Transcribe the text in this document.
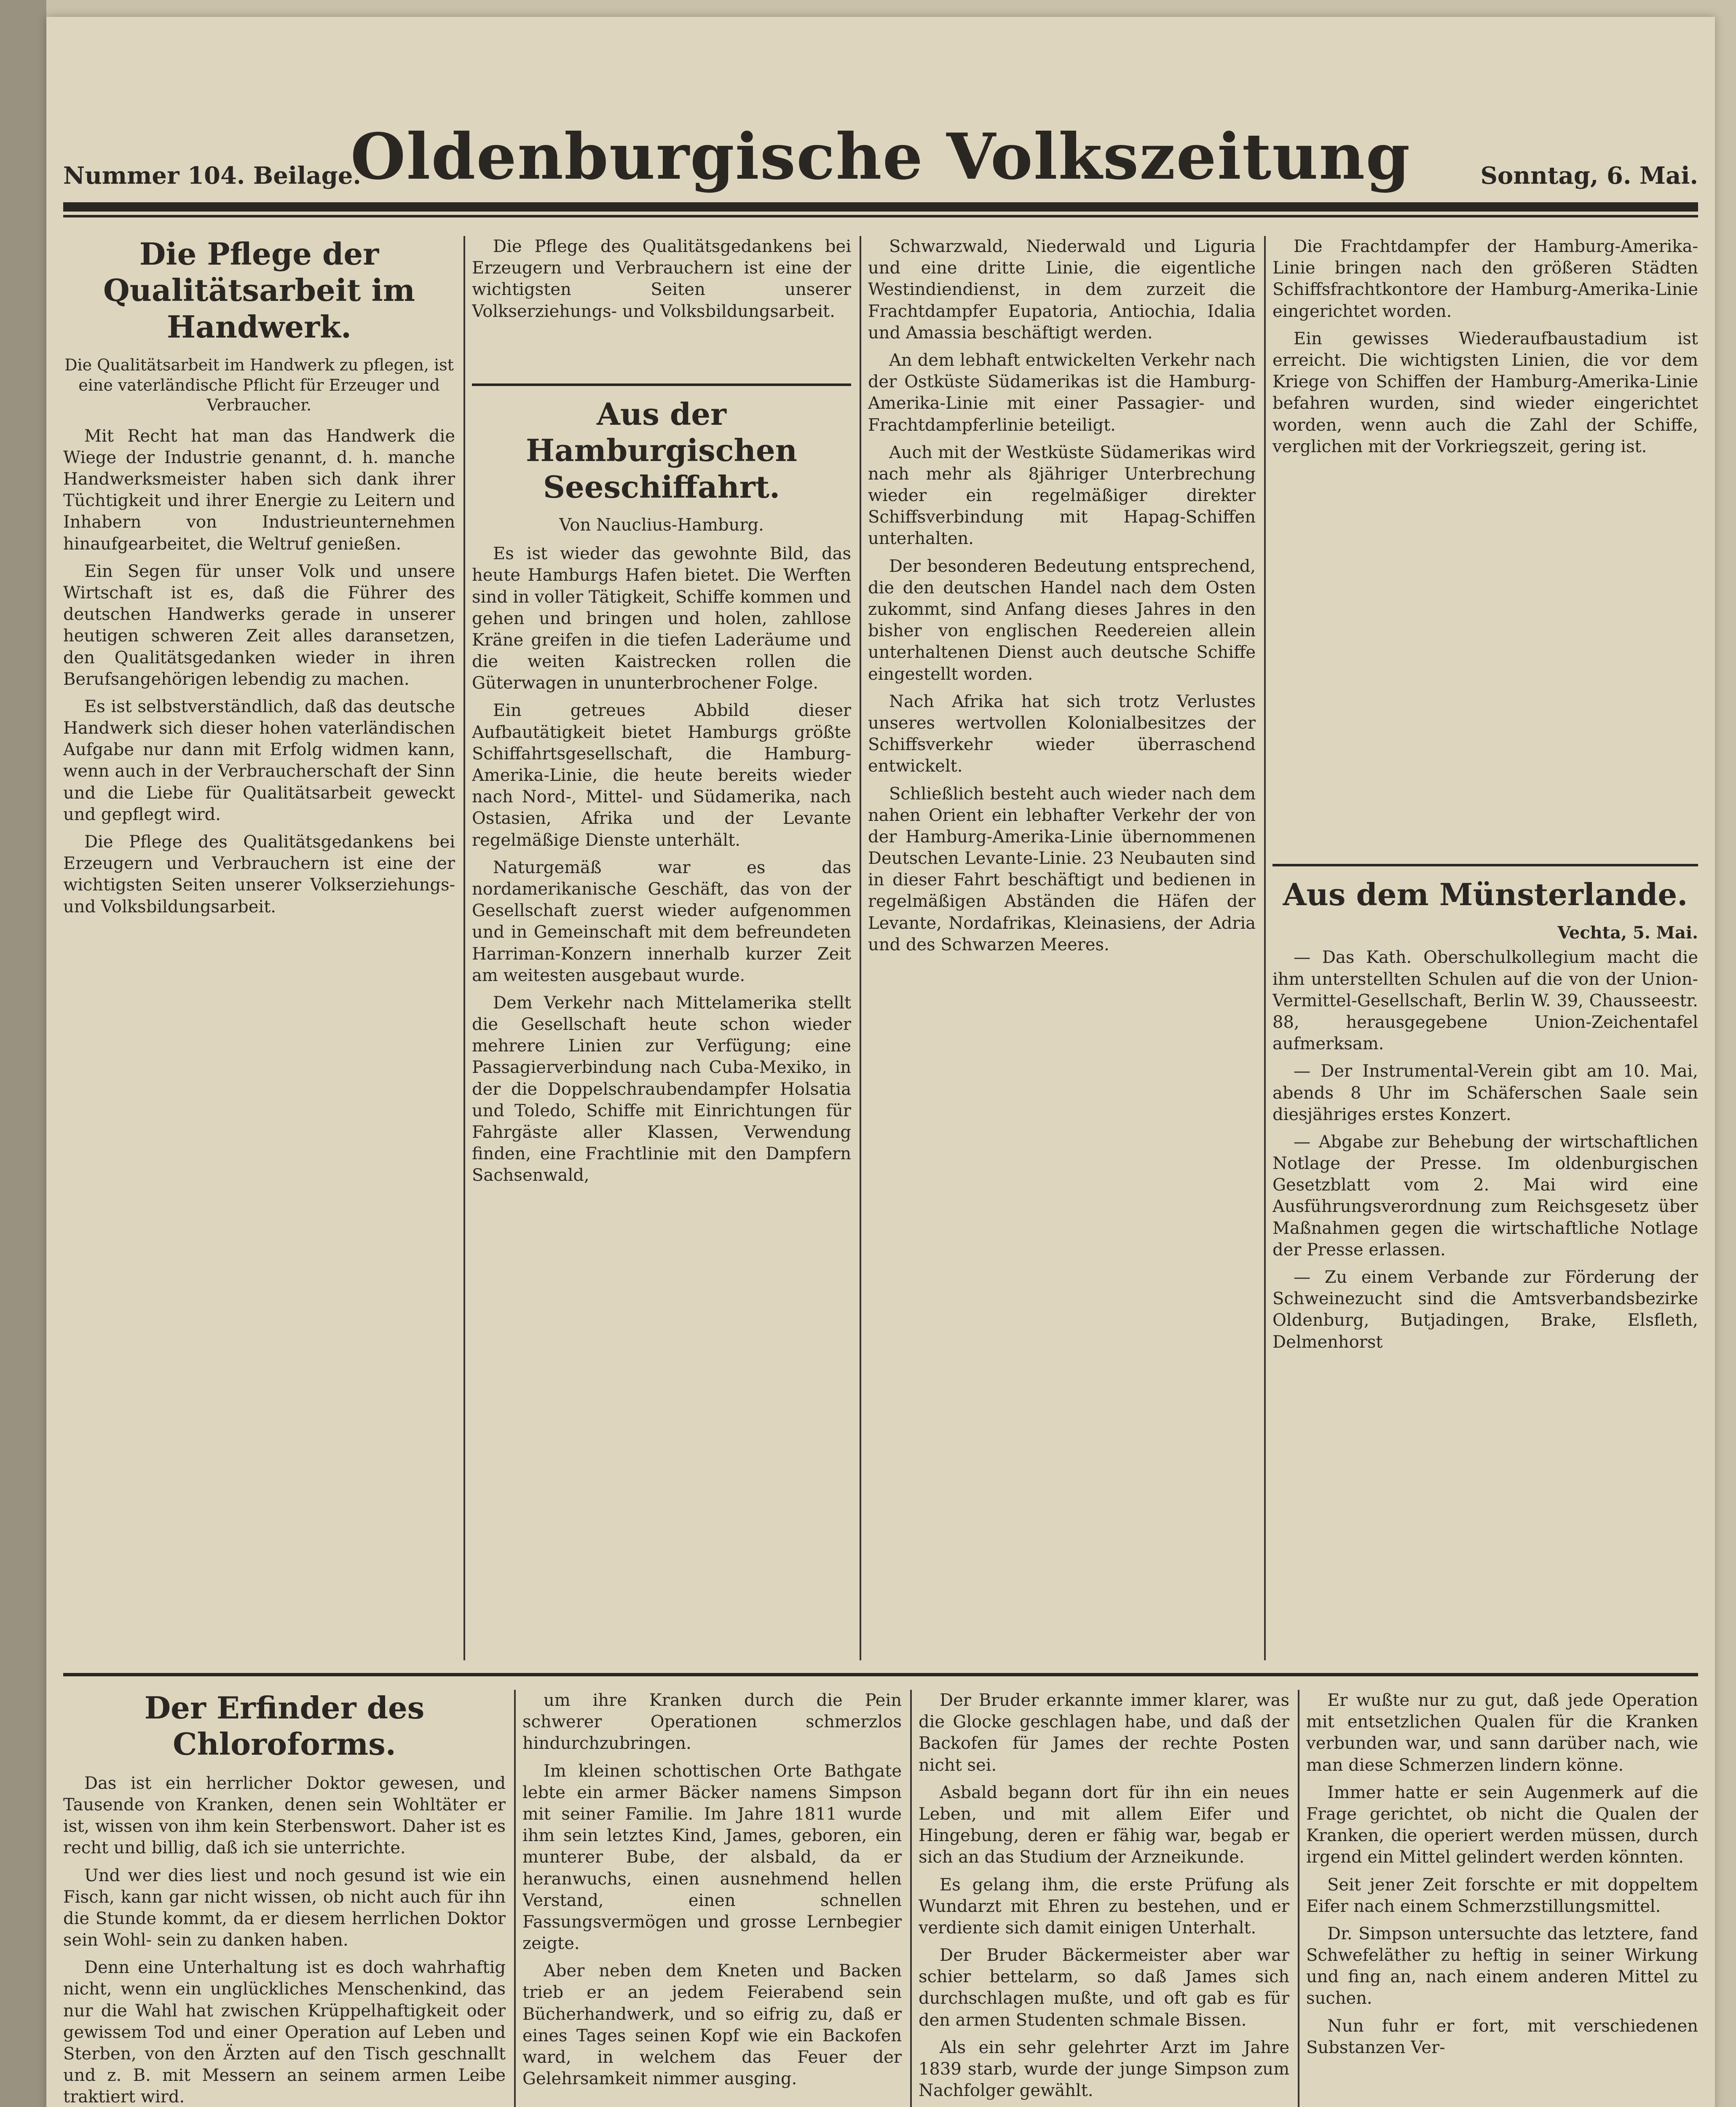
Nummer 104. Beilage.
Oldenburgische Volkszeitung	Sonntag, 6. Mai.
Die Pflege der Qualitätsarbeit im Handwerk.
Die Qualitätsarbeit im Handwerk zu pflegen, ist eine vaterländische Pflicht für Erzeuger und Verbraucher.

Mit Recht hat man das Handwerk die Wiege der Industrie genannt, d. h. manche Handwerksmeister haben sich dank ihrer Tüchtigkeit und ihrer Energie zu Leitern und Inhabern von Industrieunternehmen hinaufgearbeitet, die Weltruf genießen.

Ein Segen für unser Volk und unsere Wirtschaft ist es, daß die Führer des deutschen Handwerks gerade in unserer heutigen schweren Zeit alles daransetzen, den Qualitätsgedanken wieder in ihren Berufsangehörigen lebendig zu machen.

Es ist selbstverständlich, daß das deutsche Handwerk sich dieser hohen vaterländischen Aufgabe nur dann mit Erfolg widmen kann, wenn auch in der Verbraucherschaft der Sinn und die Liebe für Qualitätsarbeit geweckt und gepflegt wird.

Die Pflege des Qualitätsgedankens bei Erzeugern und Verbrauchern ist eine der wichtigsten Seiten unserer Volkserziehungs- und Volksbildungsarbeit.

Aus der Hamburgischen Seeschiffahrt.
Von Nauclius-Hamburg.

Es ist wieder das gewohnte Bild, das heute Hamburgs Hafen bietet. Die Werften sind in voller Tätigkeit, Schiffe kommen und gehen und bringen und holen, zahllose Kräne greifen in die tiefen Laderäume und die weiten Kaistrecken rollen die Güterwagen in ununterbrochener Folge.

Ein getreues Abbild dieser Aufbautätigkeit bietet Hamburgs größte Schiffahrtsgesellschaft, die Hamburg-Amerika-Linie, die heute bereits wieder nach Nord-, Mittel- und Südamerika, nach Ostasien, Afrika und der Levante regelmäßige Dienste unterhält.

Naturgemäß war es das nordamerikanische Geschäft, das von der Gesellschaft zuerst wieder aufgenommen und in Gemeinschaft mit dem befreundeten Harriman-Konzern innerhalb kurzer Zeit am weitesten ausgebaut wurde.

Dem Verkehr nach Mittelamerika stellt die Gesellschaft heute schon wieder mehrere Linien zur Verfügung; eine Passagierverbindung nach Cuba-Mexiko, in der die Doppelschraubendampfer Holsatia und Toledo, Schiffe mit Einrichtungen für Fahrgäste aller Klassen, Verwendung finden, eine Frachtlinie mit den Dampfern Sachsenwald,

Die Pflege des Qualitätsgedankens bei Erzeugern und Verbrauchern ist eine der wichtigsten Seiten unserer Volkserziehungs- und Volksbildungsarbeit.

Schwarzwald, Niederwald und Liguria und eine dritte Linie, die eigentliche Westindiendienst, in dem zurzeit die Frachtdampfer Eupatoria, Antiochia, Idalia und Amassia beschäftigt werden.

An dem lebhaft entwickelten Verkehr nach der Ostküste Südamerikas ist die Hamburg-Amerika-Linie mit einer Passagier- und Frachtdampferlinie beteiligt.

Auch mit der Westküste Südamerikas wird nach mehr als 8jähriger Unterbrechung wieder ein regelmäßiger direkter Schiffsverbindung mit Hapag-Schiffen unterhalten.

Der besonderen Bedeutung entsprechend, die den deutschen Handel nach dem Osten zukommt, sind Anfang dieses Jahres in den bisher von englischen Reedereien allein unterhaltenen Dienst auch deutsche Schiffe eingestellt worden.

Nach Afrika hat sich trotz Verlustes unseres wertvollen Kolonialbesitzes der Schiffsverkehr wieder überraschend entwickelt.

Schließlich besteht auch wieder nach dem nahen Orient ein lebhafter Verkehr der von der Hamburg-Amerika-Linie übernommenen Deutschen Levante-Linie. 23 Neubauten sind in dieser Fahrt beschäftigt und bedienen in regelmäßigen Abständen die Häfen der Levante, Nordafrikas, Kleinasiens, der Adria und des Schwarzen Meeres.

Die Frachtdampfer der Hamburg-Amerika-Linie bringen nach den größeren Städten Schiffsfrachtkontore der Hamburg-Amerika-Linie eingerichtet worden.

Ein gewisses Wiederaufbaustadium ist erreicht. Die wichtigsten Linien, die vor dem Kriege von Schiffen der Hamburg-Amerika-Linie befahren wurden, sind wieder eingerichtet worden, wenn auch die Zahl der Schiffe, verglichen mit der Vorkriegszeit, gering ist.

Aus dem Münsterlande.
Vechta, 5. Mai.

— Das Kath. Oberschulkollegium macht die ihm unterstellten Schulen auf die von der Union-Vermittel-Gesellschaft, Berlin W. 39, Chausseestr. 88, herausgegebene Union-Zeichentafel aufmerksam.

— Der Instrumental-Verein gibt am 10. Mai, abends 8 Uhr im Schäferschen Saale sein diesjähriges erstes Konzert.

— Abgabe zur Behebung der wirtschaftlichen Notlage der Presse. Im oldenburgischen Gesetzblatt vom 2. Mai wird eine Ausführungsverordnung zum Reichsgesetz über Maßnahmen gegen die wirtschaftliche Notlage der Presse erlassen.

— Zu einem Verbande zur Förderung der Schweinezucht sind die Amtsverbandsbezirke Oldenburg, Butjadingen, Brake, Elsfleth, Delmenhorst

Der Erfinder des Chloroforms.

Das ist ein herrlicher Doktor gewesen, und Tausende von Kranken, denen sein Wohltäter er ist, wissen von ihm kein Sterbenswort. Daher ist es recht und billig, daß ich sie unterrichte.

Und wer dies liest und noch gesund ist wie ein Fisch, kann gar nicht wissen, ob nicht auch für ihn die Stunde kommt, da er diesem herrlichen Doktor sein Wohl- sein zu danken haben.

Denn eine Unterhaltung ist es doch wahrhaftig nicht, wenn ein unglückliches Menschenkind, das nur die Wahl hat zwischen Krüppelhaftigkeit oder gewissem Tod und einer Operation auf Leben und Sterben, von den Ärzten auf den Tisch geschnallt und z. B. mit Messern an seinem armen Leibe traktiert wird.

um ihre Kranken durch die Pein schwerer Operationen schmerzlos hindurchzubringen.

Im kleinen schottischen Orte Bathgate lebte ein armer Bäcker namens Simpson mit seiner Familie. Im Jahre 1811 wurde ihm sein letztes Kind, James, geboren, ein munterer Bube, der alsbald, da er heranwuchs, einen ausnehmend hellen Verstand, einen schnellen Fassungsvermögen und grosse Lernbegier zeigte.

Aber neben dem Kneten und Backen trieb er an jedem Feierabend sein Bücherhandwerk, und so eifrig zu, daß er eines Tages seinen Kopf wie ein Backofen ward, in welchem das Feuer der Gelehrsamkeit nimmer ausging.

Der Bruder erkannte immer klarer, was die Glocke geschlagen habe, und daß der Backofen für James der rechte Posten nicht sei.

Asbald begann dort für ihn ein neues Leben, und mit allem Eifer und Hingebung, deren er fähig war, begab er sich an das Studium der Arzneikunde.

Es gelang ihm, die erste Prüfung als Wundarzt mit Ehren zu bestehen, und er verdiente sich damit einigen Unterhalt.

Der Bruder Bäckermeister aber war schier bettelarm, so daß James sich durchschlagen mußte, und oft gab es für den armen Studenten schmale Bissen.

Als ein sehr gelehrter Arzt im Jahre 1839 starb, wurde der junge Simpson zum Nachfolger gewählt.

Er wußte nur zu gut, daß jede Operation mit entsetzlichen Qualen für die Kranken verbunden war, und sann darüber nach, wie man diese Schmerzen lindern könne.

Immer hatte er sein Augenmerk auf die Frage gerichtet, ob nicht die Qualen der Kranken, die operiert werden müssen, durch irgend ein Mittel gelindert werden könnten.

Seit jener Zeit forschte er mit doppeltem Eifer nach einem Schmerzstillungsmittel.

Dr. Simpson untersuchte das letztere, fand Schwefeläther zu heftig in seiner Wirkung und fing an, nach einem anderen Mittel zu suchen.

Nun fuhr er fort, mit verschiedenen Substanzen Ver-
